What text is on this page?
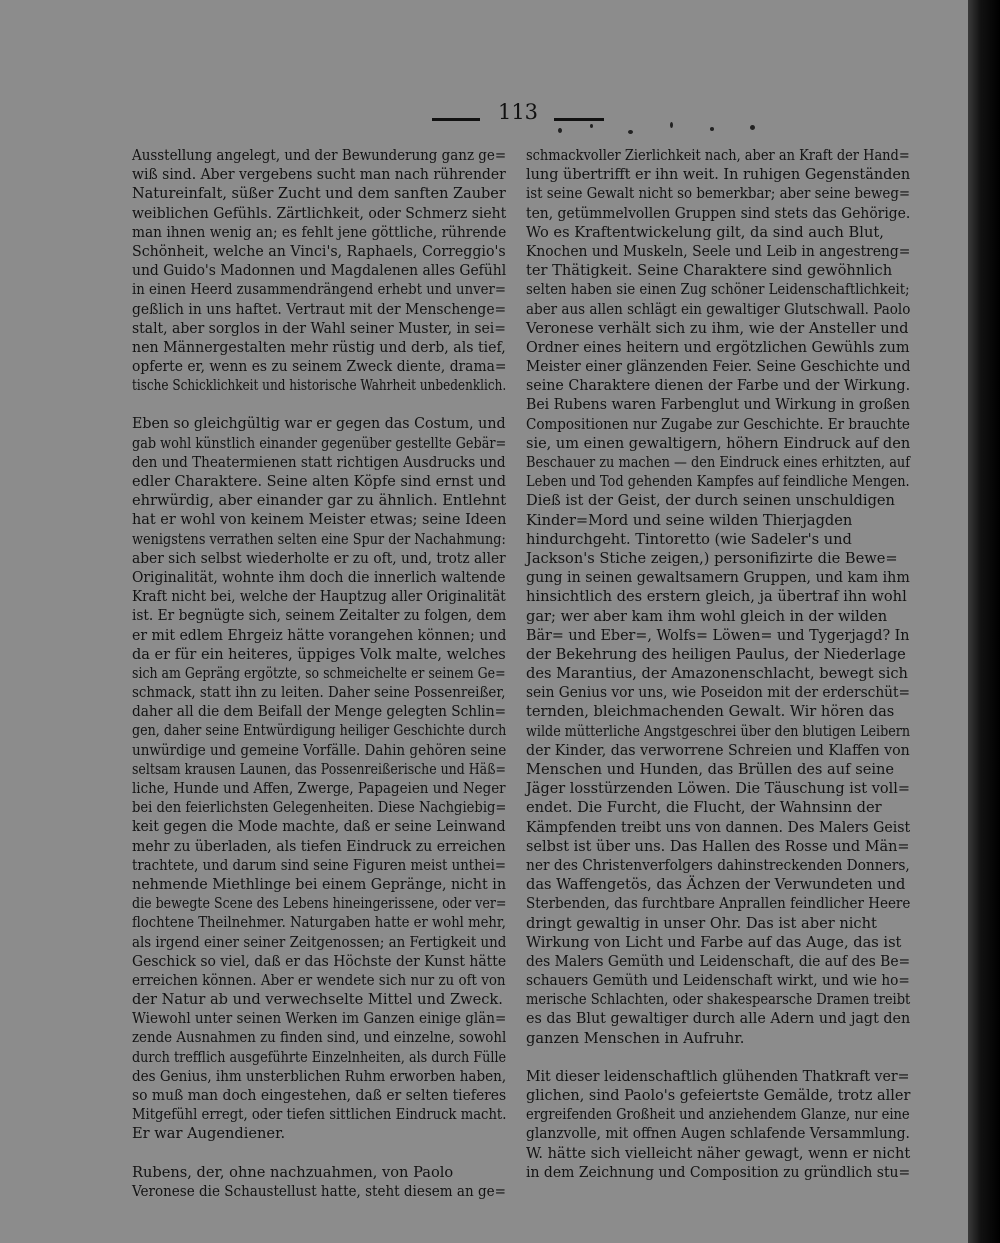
113
Ausstellung angelegt, und der Bewunderung ganz ge=
wiß sind. Aber vergebens sucht man nach rührender
Natureinfalt, süßer Zucht und dem sanften Zauber
weiblichen Gefühls. Zärtlichkeit, oder Schmerz sieht
man ihnen wenig an; es fehlt jene göttliche, rührende
Schönheit, welche an Vinci's, Raphaels, Correggio's
und Guido's Madonnen und Magdalenen alles Gefühl
in einen Heerd zusammendrängend erhebt und unver=
geßlich in uns haftet. Vertraut mit der Menschenge=
stalt, aber sorglos in der Wahl seiner Muster, in sei=
nen Männergestalten mehr rüstig und derb, als tief,
opferte er, wenn es zu seinem Zweck diente, drama=
tische Schicklichkeit und historische Wahrheit unbedenklich.
Eben so gleichgültig war er gegen das Costum, und
gab wohl künstlich einander gegenüber gestellte Gebär=
den und Theatermienen statt richtigen Ausdrucks und
edler Charaktere. Seine alten Köpfe sind ernst und
ehrwürdig, aber einander gar zu ähnlich. Entlehnt
hat er wohl von keinem Meister etwas; seine Ideen
wenigstens verrathen selten eine Spur der Nachahmung:
aber sich selbst wiederholte er zu oft, und, trotz aller
Originalität, wohnte ihm doch die innerlich waltende
Kraft nicht bei, welche der Hauptzug aller Originalität
ist. Er begnügte sich, seinem Zeitalter zu folgen, dem
er mit edlem Ehrgeiz hätte vorangehen können; und
da er für ein heiteres, üppiges Volk malte, welches
sich am Gepräng ergötzte, so schmeichelte er seinem Ge=
schmack, statt ihn zu leiten. Daher seine Possenreißer,
daher all die dem Beifall der Menge gelegten Schlin=
gen, daher seine Entwürdigung heiliger Geschichte durch
unwürdige und gemeine Vorfälle. Dahin gehören seine
seltsam krausen Launen, das Possenreißerische und Häß=
liche, Hunde und Affen, Zwerge, Papageien und Neger
bei den feierlichsten Gelegenheiten. Diese Nachgiebig=
keit gegen die Mode machte, daß er seine Leinwand
mehr zu überladen, als tiefen Eindruck zu erreichen
trachtete, und darum sind seine Figuren meist unthei=
nehmende Miethlinge bei einem Gepränge, nicht in
die bewegte Scene des Lebens hineingerissene, oder ver=
flochtene Theilnehmer. Naturgaben hatte er wohl mehr,
als irgend einer seiner Zeitgenossen; an Fertigkeit und
Geschick so viel, daß er das Höchste der Kunst hätte
erreichen können. Aber er wendete sich nur zu oft von
der Natur ab und verwechselte Mittel und Zweck.
Wiewohl unter seinen Werken im Ganzen einige glän=
zende Ausnahmen zu finden sind, und einzelne, sowohl
durch trefflich ausgeführte Einzelnheiten, als durch Fülle
des Genius, ihm unsterblichen Ruhm erworben haben,
so muß man doch eingestehen, daß er selten tieferes
Mitgefühl erregt, oder tiefen sittlichen Eindruck macht.
Er war Augendiener.
Rubens, der, ohne nachzuahmen, von Paolo
Veronese die Schaustellust hatte, steht diesem an ge=
schmackvoller Zierlichkeit nach, aber an Kraft der Hand=
lung übertrifft er ihn weit. In ruhigen Gegenständen
ist seine Gewalt nicht so bemerkbar; aber seine beweg=
ten, getümmelvollen Gruppen sind stets das Gehörige.
Wo es Kraftentwickelung gilt, da sind auch Blut,
Knochen und Muskeln, Seele und Leib in angestreng=
ter Thätigkeit. Seine Charaktere sind gewöhnlich
selten haben sie einen Zug schöner Leidenschaftlichkeit;
aber aus allen schlägt ein gewaltiger Glutschwall. Paolo
Veronese verhält sich zu ihm, wie der Ansteller und
Ordner eines heitern und ergötzlichen Gewühls zum
Meister einer glänzenden Feier. Seine Geschichte und
seine Charaktere dienen der Farbe und der Wirkung.
Bei Rubens waren Farbenglut und Wirkung in großen
Compositionen nur Zugabe zur Geschichte. Er brauchte
sie, um einen gewaltigern, höhern Eindruck auf den
Beschauer zu machen — den Eindruck eines erhitzten, auf
Leben und Tod gehenden Kampfes auf feindliche Mengen.
Dieß ist der Geist, der durch seinen unschuldigen
Kinder=Mord und seine wilden Thierjagden
hindurchgeht. Tintoretto (wie Sadeler's und
Jackson's Stiche zeigen,) personifizirte die Bewe=
gung in seinen gewaltsamern Gruppen, und kam ihm
hinsichtlich des erstern gleich, ja übertraf ihn wohl
gar; wer aber kam ihm wohl gleich in der wilden
Bär= und Eber=, Wolfs= Löwen= und Tygerjagd? In
der Bekehrung des heiligen Paulus, der Niederlage
des Marantius, der Amazonenschlacht, bewegt sich
sein Genius vor uns, wie Poseidon mit der erderschüt=
ternden, bleichmachenden Gewalt. Wir hören das
wilde mütterliche Angstgeschrei über den blutigen Leibern
der Kinder, das verworrene Schreien und Klaffen von
Menschen und Hunden, das Brüllen des auf seine
Jäger losstürzenden Löwen. Die Täuschung ist voll=
endet. Die Furcht, die Flucht, der Wahnsinn der
Kämpfenden treibt uns von dannen. Des Malers Geist
selbst ist über uns. Das Hallen des Rosse und Män=
ner des Christenverfolgers dahinstreckenden Donners,
das Waffengetös, das Ächzen der Verwundeten und
Sterbenden, das furchtbare Anprallen feindlicher Heere
dringt gewaltig in unser Ohr. Das ist aber nicht
Wirkung von Licht und Farbe auf das Auge, das ist
des Malers Gemüth und Leidenschaft, die auf des Be=
schauers Gemüth und Leidenschaft wirkt, und wie ho=
merische Schlachten, oder shakespearsche Dramen treibt
es das Blut gewaltiger durch alle Adern und jagt den
ganzen Menschen in Aufruhr.
Mit dieser leidenschaftlich glühenden Thatkraft ver=
glichen, sind Paolo's gefeiertste Gemälde, trotz aller
ergreifenden Großheit und anziehendem Glanze, nur eine
glanzvolle, mit offnen Augen schlafende Versammlung.
W. hätte sich vielleicht näher gewagt, wenn er nicht
in dem Zeichnung und Composition zu gründlich stu=
